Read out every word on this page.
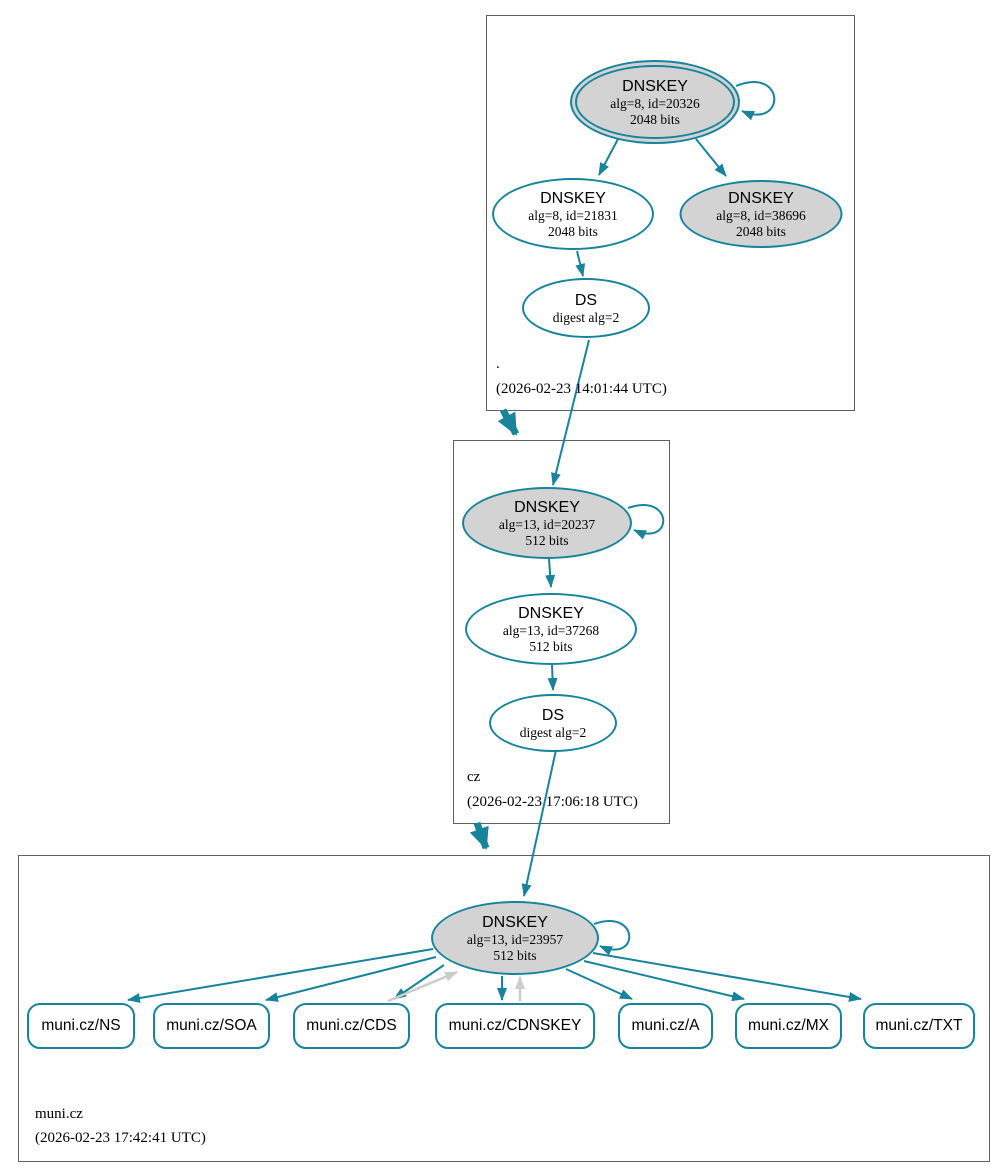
DNSKEY
alg=8, id=20326
2048 bits
DNSKEY
alg=8, id=21831
2048 bits
DNSKEY
alg=8, id=38696
2048 bits
DS
digest alg=2
.
(2026-02-23 14:01:44 UTC)
DNSKEY
alg=13, id=20237
512 bits
DNSKEY
alg=13, id=37268
512 bits
DS
digest alg=2
cz
(2026-02-23 17:06:18 UTC)
DNSKEY
alg=13, id=23957
512 bits
muni.cz/NS	muni.cz/SOA	muni.cz/CDS	muni.cz/CDNSKEY	muni.cz/A	muni.cz/MX	muni.cz/TXT
muni.cz
(2026-02-23 17:42:41 UTC)
